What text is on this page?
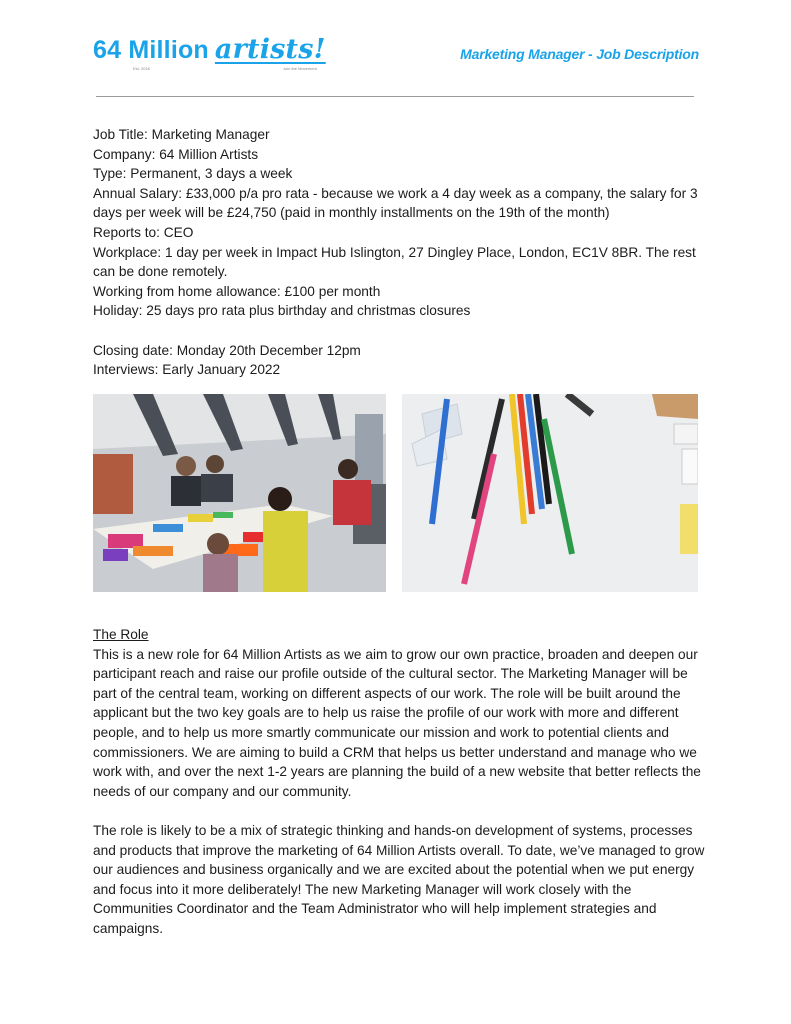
64 Million artists!
Est. 2016	Join the Movement
Marketing Manager - Job Description

Job Title: Marketing Manager

Company: 64 Million Artists

Type: Permanent, 3 days a week

Annual Salary: £33,000 p/a pro rata - because we work a 4 day week as a company, the salary for 3 days per week will be £24,750 (paid in monthly installments on the 19th of the month)

Reports to: CEO

Workplace: 1 day per week in Impact Hub Islington, 27 Dingley Place, London, EC1V 8BR. The rest can be done remotely.

Working from home allowance: £100 per month

Holiday: 25 days pro rata plus birthday and christmas closures

Closing date: Monday 20th December 12pm

Interviews: Early January 2022

The Role

This is a new role for 64 Million Artists as we aim to grow our own practice, broaden and deepen our participant reach and raise our profile outside of the cultural sector. The Marketing Manager will be part of the central team, working on different aspects of our work. The role will be built around the applicant but the two key goals are to help us raise the profile of our work with more and different people, and to help us more smartly communicate our mission and work to potential clients and commissioners. We are aiming to build a CRM that helps us better understand and manage who we work with, and over the next 1-2 years are planning the build of a new website that better reflects the needs of our company and our community.

The role is likely to be a mix of strategic thinking and hands-on development of systems, processes and products that improve the marketing of 64 Million Artists overall. To date, we’ve managed to grow our audiences and business organically and we are excited about the potential when we put energy and focus into it more deliberately! The new Marketing Manager will work closely with the Communities Coordinator and the Team Administrator who will help implement strategies and campaigns.
